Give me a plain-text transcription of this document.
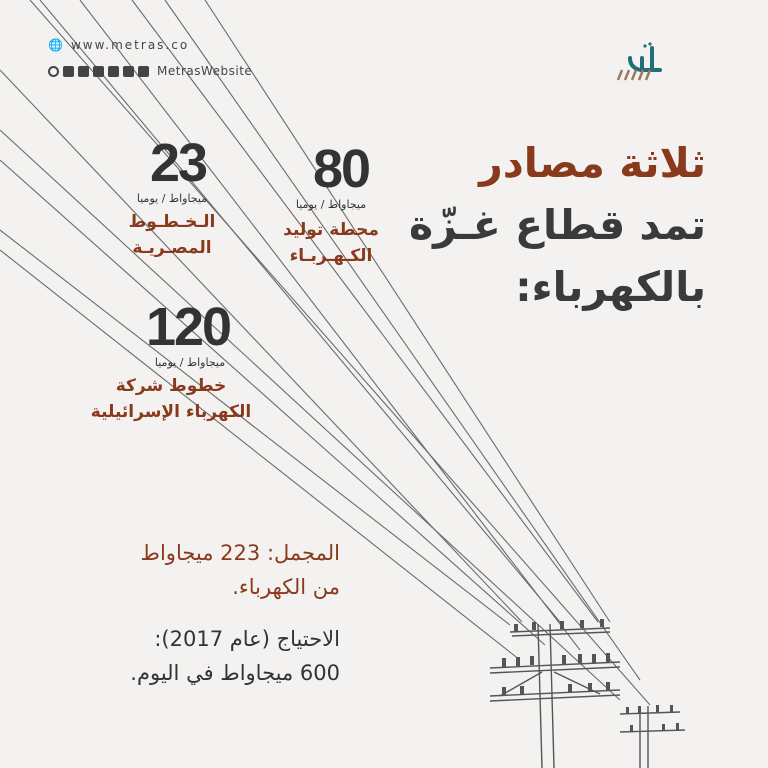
🌐 www.metras.co
MetrasWebsite
ثلاثة مصادر
تمد قطاع غـزّة
بالكهرباء:
80
ميجاواط / يوميا
محطة توليد
الكـهـربـاء
23
ميجاواط / يوميا
الـخـطـوط
المصـريـة
120
ميجاواط / يوميا
خطوط شركة
الكهرباء الإسرائيلية
المجمل: 223 ميجاواط
من الكهرباء.
الاحتياج (عام 2017):
600 ميجاواط في اليوم.
